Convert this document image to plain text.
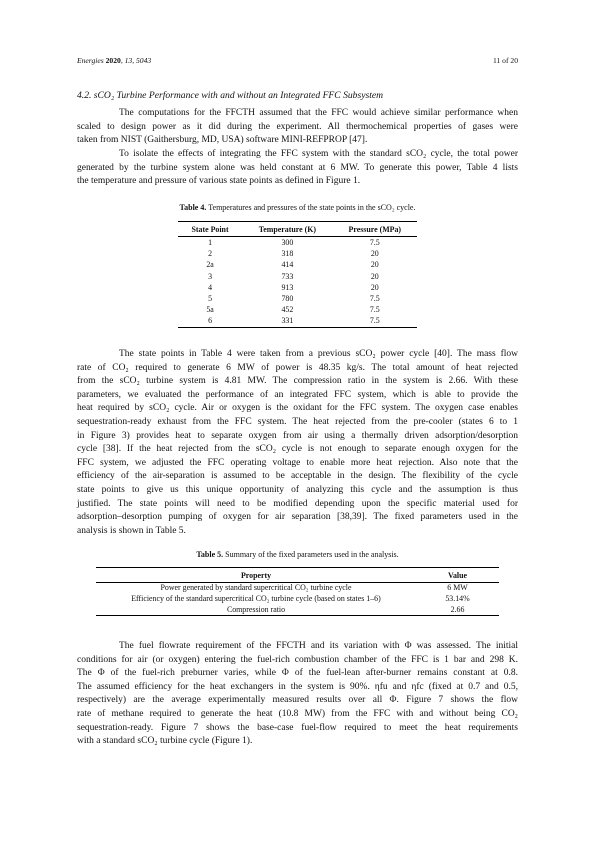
Energies 2020, 13, 5043	11 of 20
4.2. sCO₂ Turbine Performance with and without an Integrated FFC Subsystem
The computations for the FFCTH assumed that the FFC would achieve similar performance when
scaled to design power as it did during the experiment. All thermochemical properties of gases were
taken from NIST (Gaithersburg, MD, USA) software MINI-REFPROP [47].
To isolate the effects of integrating the FFC system with the standard sCO₂ cycle, the total power
generated by the turbine system alone was held constant at 6 MW. To generate this power, Table 4 lists
the temperature and pressure of various state points as defined in Figure 1.
Table 4. Temperatures and pressures of the state points in the sCO₂ cycle.
State Point	Temperature (K)	Pressure (MPa)
1	300	7.5
2	318	20
2a	414	20
3	733	20
4	913	20
5	780	7.5
5a	452	7.5
6	331	7.5
The state points in Table 4 were taken from a previous sCO₂ power cycle [40]. The mass flow
rate of CO₂ required to generate 6 MW of power is 48.35 kg/s. The total amount of heat rejected
from the sCO₂ turbine system is 4.81 MW. The compression ratio in the system is 2.66. With these
parameters, we evaluated the performance of an integrated FFC system, which is able to provide the
heat required by sCO₂ cycle. Air or oxygen is the oxidant for the FFC system. The oxygen case enables
sequestration-ready exhaust from the FFC system. The heat rejected from the pre-cooler (states 6 to 1
in Figure 3) provides heat to separate oxygen from air using a thermally driven adsorption/desorption
cycle [38]. If the heat rejected from the sCO₂ cycle is not enough to separate enough oxygen for the
FFC system, we adjusted the FFC operating voltage to enable more heat rejection. Also note that the
efficiency of the air-separation is assumed to be acceptable in the design. The flexibility of the cycle
state points to give us this unique opportunity of analyzing this cycle and the assumption is thus
justified. The state points will need to be modified depending upon the specific material used for
adsorption–desorption pumping of oxygen for air separation [38,39]. The fixed parameters used in the
analysis is shown in Table 5.
Table 5. Summary of the fixed parameters used in the analysis.
Property	Value
Power generated by standard supercritical CO₂ turbine cycle	6 MW
Efficiency of the standard supercritical CO₂ turbine cycle (based on states 1–6)	53.14%
Compression ratio	2.66
The fuel flowrate requirement of the FFCTH and its variation with Φ was assessed. The initial
conditions for air (or oxygen) entering the fuel-rich combustion chamber of the FFC is 1 bar and 298 K.
The Φ of the fuel-rich preburner varies, while Φ of the fuel-lean after-burner remains constant at 0.8.
The assumed efficiency for the heat exchangers in the system is 90%. ηfu and ηfc (fixed at 0.7 and 0.5,
respectively) are the average experimentally measured results over all Φ. Figure 7 shows the flow
rate of methane required to generate the heat (10.8 MW) from the FFC with and without being CO₂
sequestration-ready. Figure 7 shows the base-case fuel-flow required to meet the heat requirements
with a standard sCO₂ turbine cycle (Figure 1).
